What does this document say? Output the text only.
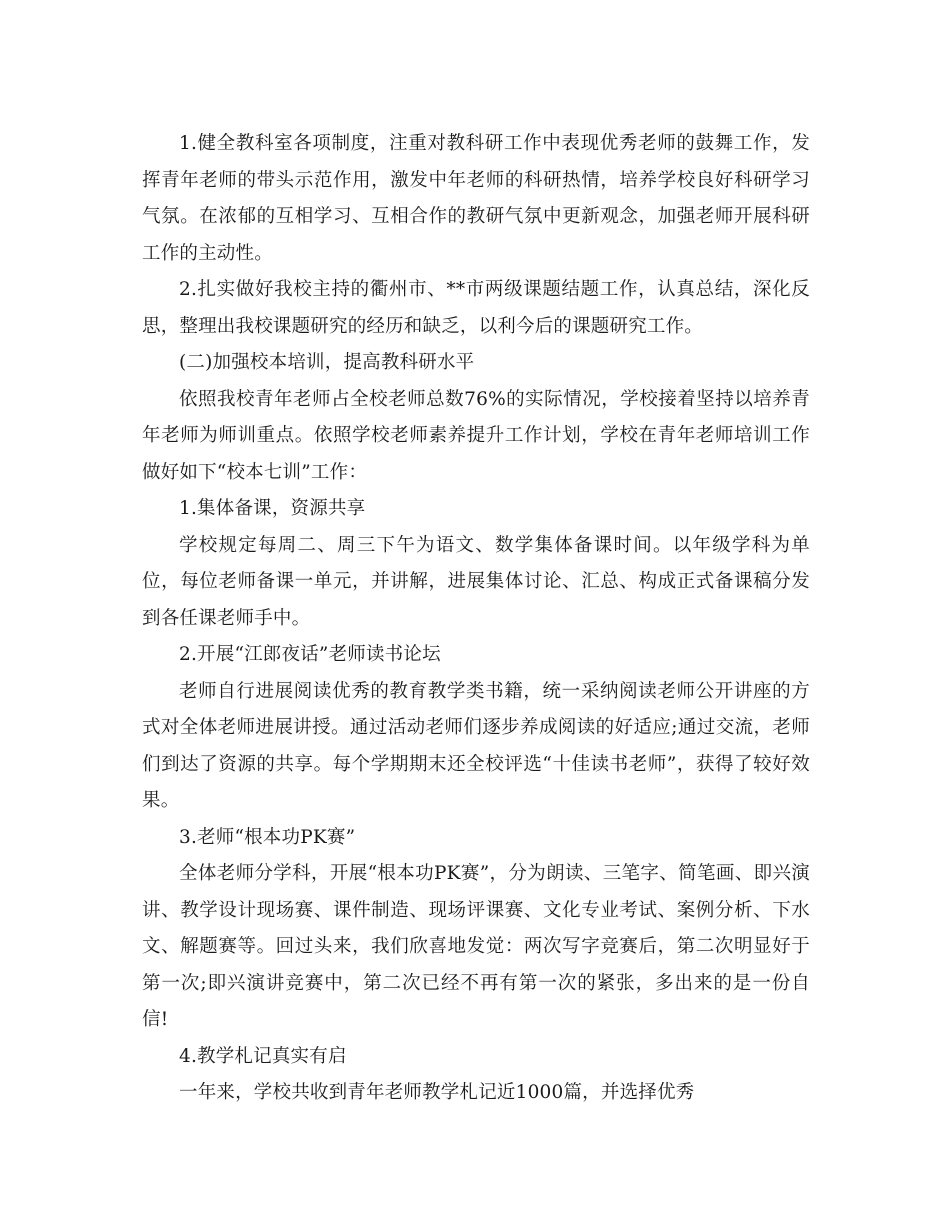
1.健全教科室各项制度，注重对教科研工作中表现优秀老师的鼓舞工作，发挥青年老师的带头示范作用，激发中年老师的科研热情，培养学校良好科研学习气氛。在浓郁的互相学习、互相合作的教研气氛中更新观念，加强老师开展科研工作的主动性。

2.扎实做好我校主持的衢州市、**市两级课题结题工作，认真总结，深化反思，整理出我校课题研究的经历和缺乏，以利今后的课题研究工作。

(二)加强校本培训，提高教科研水平

依照我校青年老师占全校老师总数76%的实际情况，学校接着坚持以培养青年老师为师训重点。依照学校老师素养提升工作计划，学校在青年老师培训工作做好如下“校本七训”工作：

1.集体备课，资源共享

学校规定每周二、周三下午为语文、数学集体备课时间。以年级学科为单位，每位老师备课一单元，并讲解，进展集体讨论、汇总、构成正式备课稿分发到各任课老师手中。

2.开展“江郎夜话”老师读书论坛

老师自行进展阅读优秀的教育教学类书籍，统一采纳阅读老师公开讲座的方式对全体老师进展讲授。通过活动老师们逐步养成阅读的好适应;通过交流，老师们到达了资源的共享。每个学期期末还全校评选“十佳读书老师”，获得了较好效果。

3.老师“根本功PK赛”

全体老师分学科，开展“根本功PK赛”，分为朗读、三笔字、简笔画、即兴演讲、教学设计现场赛、课件制造、现场评课赛、文化专业考试、案例分析、下水文、解题赛等。回过头来，我们欣喜地发觉：两次写字竞赛后，第二次明显好于第一次;即兴演讲竞赛中，第二次已经不再有第一次的紧张，多出来的是一份自信!

4.教学札记真实有启

一年来，学校共收到青年老师教学札记近1000篇，并选择优秀
